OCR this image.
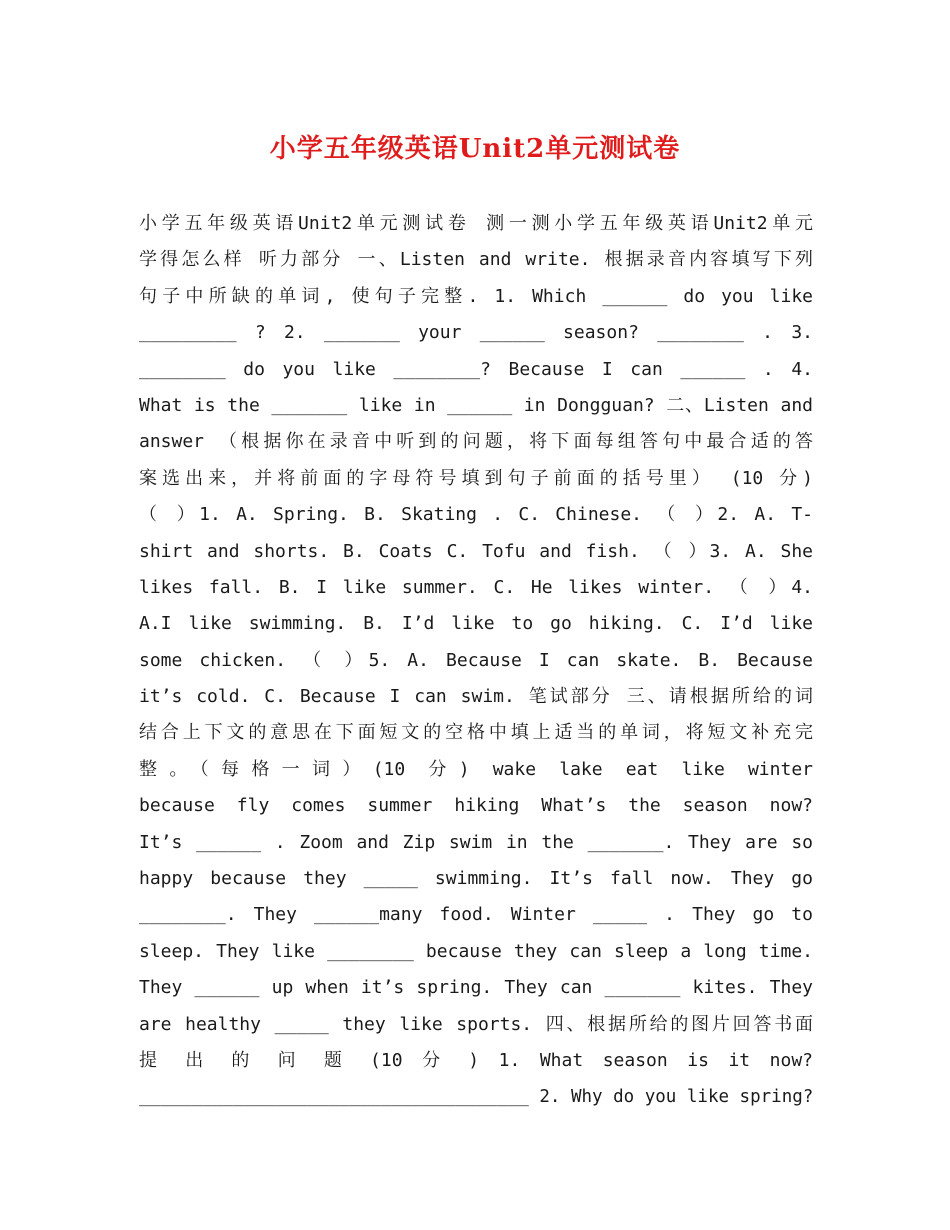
小学五年级英语Unit2单元测试卷
小学五年级英语Unit2单元测试卷 测一测小学五年级英语Unit2单元
学得怎么样 听力部分 一、Listen and write. 根据录音内容填写下列
句子中所缺的单词, 使句子完整. 1. Which ______ do you like
_________ ? 2. _______ your ______ season? ________ . 3.
________ do you like ________? Because I can ______ . 4.
What is the _______ like in ______ in Dongguan? 二、Listen and
answer （根据你在录音中听到的问题，将下面每组答句中最合适的答
案选出来，并将前面的字母符号填到句子前面的括号里） (10 分)
（ ）1. A. Spring. B. Skating . C. Chinese. （ ）2. A. T-
shirt and shorts. B. Coats C. Tofu and fish. （ ）3. A. She
likes fall. B. I like summer. C. He likes winter. （ ）4.
A.I like swimming. B. I’d like to go hiking. C. I’d like
some chicken. （ ）5. A. Because I can skate. B. Because
it’s cold. C. Because I can swim. 笔试部分 三、请根据所给的词
结合上下文的意思在下面短文的空格中填上适当的单词，将短文补充完
整。（每格一词）(10 分) wake lake eat like winter
because fly comes summer hiking What’s the season now?
It’s ______ . Zoom and Zip swim in the _______. They are so
happy because they _____ swimming. It’s fall now. They go
________. They ______many food. Winter _____ . They go to
sleep. They like ________ because they can sleep a long time.
They ______ up when it’s spring. They can _______ kites. They
are healthy _____ they like sports. 四、根据所给的图片回答书面
提 出 的 问 题 (10 分 ) 1. What season is it now?
_____________________________________ 2. Why do you like spring?
